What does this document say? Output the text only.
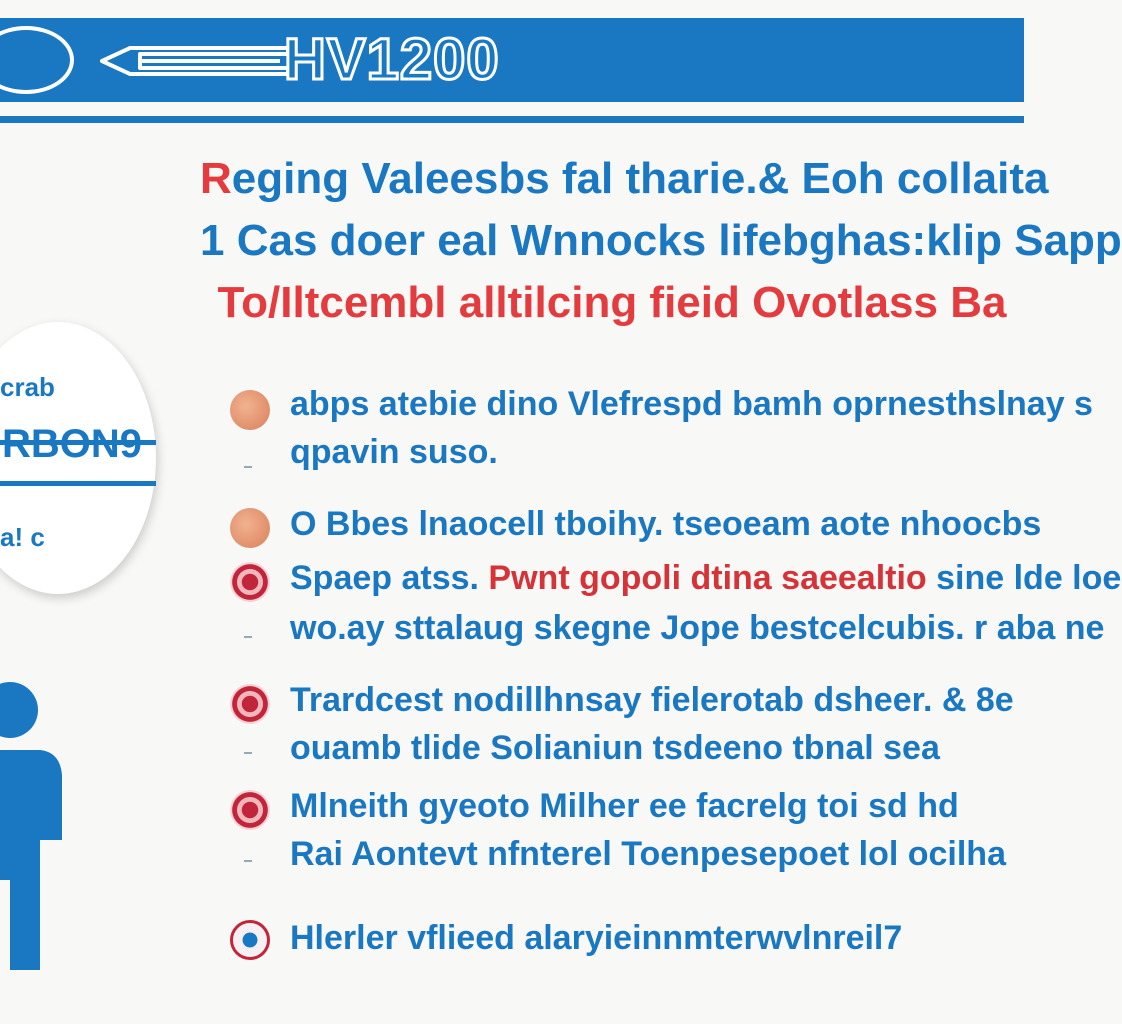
HV1200
Reging Valeesbs fal tharie.& Eoh collaita
1 Cas doer eal Wnnocks lifebghas:klip Sapp
To/Iltcembl alltilcing fieid Ovotlass Ba
crab
RBON9
a! c
abps atebie dino Vlefrespd bamh oprnesthslnay s
qpavin suso.
O Bbes lnaocell tboihy. tseoeam aote nhoocbs
Spaep atss. Pwnt gopoli dtina saeealtio sine lde loe
wo.ay sttalaug skegne Jope bestcelcubis. r aba ne
Trardcest nodillhnsay fielerotab dsheer. & 8e
ouamb tlide Solianiun tsdeeno tbnal sea
Mlneith gyeoto Milher ee facrelg toi sd hd
Rai Aontevt nfnterel Toenpesepoet lol ocilha
Hlerler vflieed alaryieinnmterwvlnreil7
